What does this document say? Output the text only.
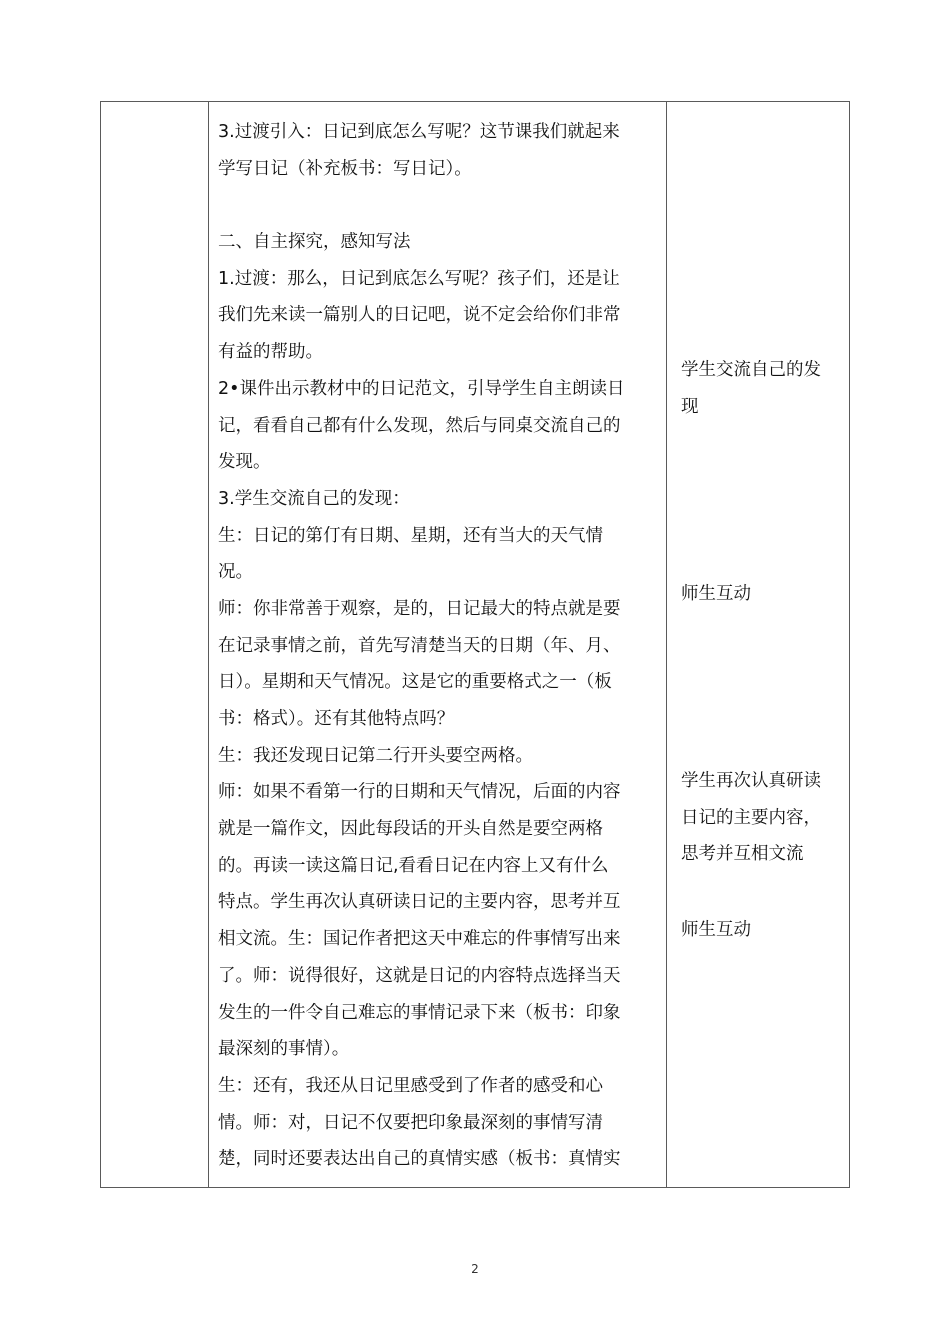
3.过渡引入：日记到底怎么写呢？这节课我们就起来
学写日记（补充板书：写日记）。
二、自主探究，感知写法
1.过渡：那么，日记到底怎么写呢？孩子们，还是让
我们先来读一篇别人的日记吧，说不定会给你们非常
有益的帮助。
2•课件出示教材中的日记范文，引导学生自主朗读日
记，看看自己都有什么发现，然后与同桌交流自己的
发现。
3.学生交流自己的发现：
生：日记的第仃有日期、星期，还有当大的天气情
况。
师：你非常善于观察，是的，日记最大的特点就是要
在记录事情之前，首先写清楚当天的日期（年、月、
日）。星期和天气情况。这是它的重要格式之一（板
书：格式）。还有其他特点吗？
生：我还发现日记第二行开头要空两格。
师：如果不看第一行的日期和天气情况，后面的内容
就是一篇作文，因此每段话的开头自然是要空两格
的。再读一读这篇日记,看看日记在内容上又有什么
特点。学生再次认真研读日记的主要内容，思考并互
相文流。生：国记作者把这天中难忘的件事情写出来
了。师：说得很好，这就是日记的内容特点选择当天
发生的一件令自己难忘的事情记录下来（板书：印象
最深刻的事情）。
生：还有，我还从日记里感受到了作者的感受和心
情。师：对，日记不仅要把印象最深刻的事情写清
楚，同时还要表达出自己的真情实感（板书：真情实
学生交流自己的发
现
师生互动
学生再次认真研读
日记的主要内容，
思考并互相文流
师生互动
2
